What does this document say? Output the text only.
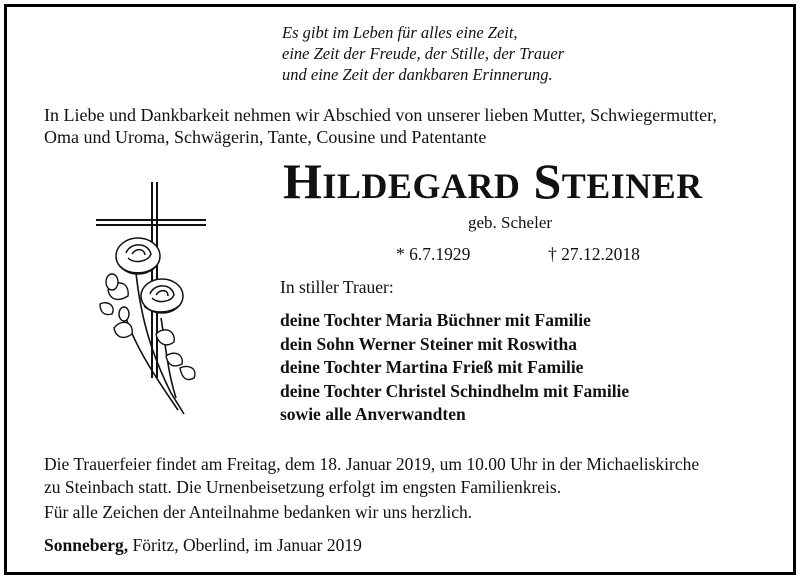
Es gibt im Leben für alles eine Zeit,
eine Zeit der Freude, der Stille, der Trauer
und eine Zeit der dankbaren Erinnerung.
In Liebe und Dankbarkeit nehmen wir Abschied von unserer lieben Mutter, Schwiegermutter,
Oma und Uroma, Schwägerin, Tante, Cousine und Patentante
HILDEGARD STEINER
geb. Scheler
* 6.7.1929	† 27.12.2018
In stiller Trauer:
deine Tochter Maria Büchner mit Familie
dein Sohn Werner Steiner mit Roswitha
deine Tochter Martina Frieß mit Familie
deine Tochter Christel Schindhelm mit Familie
sowie alle Anverwandten
Die Trauerfeier findet am Freitag, dem 18. Januar 2019, um 10.00 Uhr in der Michaeliskirche
zu Steinbach statt. Die Urnenbeisetzung erfolgt im engsten Familienkreis.
Für alle Zeichen der Anteilnahme bedanken wir uns herzlich.
Sonneberg, Föritz, Oberlind, im Januar 2019
